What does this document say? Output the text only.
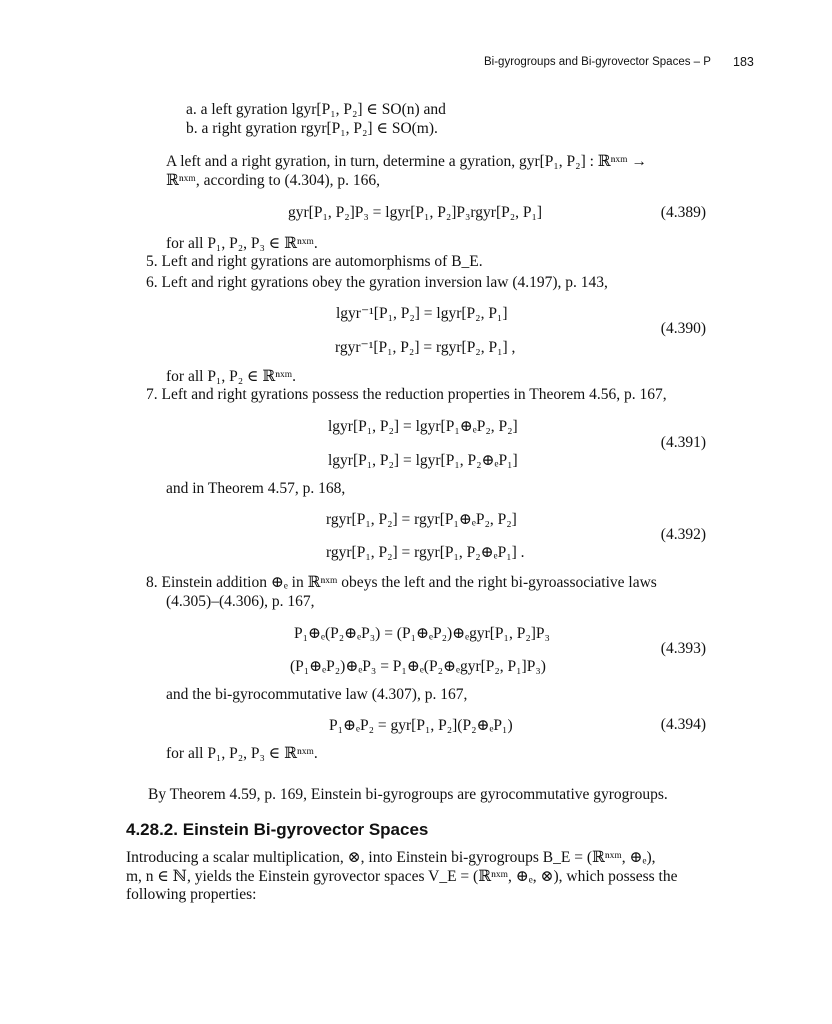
Bi-gyrogroups and Bi-gyrovector Spaces – P 183
a. a left gyration lgyr[P₁, P₂] ∈ SO(n) and
b. a right gyration rgyr[P₁, P₂] ∈ SO(m).
A left and a right gyration, in turn, determine a gyration, gyr[P₁, P₂] : ℝⁿˣᵐ →
ℝⁿˣᵐ, according to (4.304), p. 166,
gyr[P₁, P₂]P₃ = lgyr[P₁, P₂]P₃rgyr[P₂, P₁]	(4.389)
for all P₁, P₂, P₃ ∈ ℝⁿˣᵐ.
5. Left and right gyrations are automorphisms of B_E.
6. Left and right gyrations obey the gyration inversion law (4.197), p. 143,
lgyr⁻¹[P₁, P₂] = lgyr[P₂, P₁]
rgyr⁻¹[P₁, P₂] = rgyr[P₂, P₁] ,
(4.390)
for all P₁, P₂ ∈ ℝⁿˣᵐ.
7. Left and right gyrations possess the reduction properties in Theorem 4.56, p. 167,
lgyr[P₁, P₂] = lgyr[P₁⊕ₑP₂, P₂]
lgyr[P₁, P₂] = lgyr[P₁, P₂⊕ₑP₁]
(4.391)
and in Theorem 4.57, p. 168,
rgyr[P₁, P₂] = rgyr[P₁⊕ₑP₂, P₂]
rgyr[P₁, P₂] = rgyr[P₁, P₂⊕ₑP₁] .
(4.392)
8. Einstein addition ⊕ₑ in ℝⁿˣᵐ obeys the left and the right bi-gyroassociative laws
(4.305)–(4.306), p. 167,
P₁⊕ₑ(P₂⊕ₑP₃) = (P₁⊕ₑP₂)⊕ₑgyr[P₁, P₂]P₃
(P₁⊕ₑP₂)⊕ₑP₃ = P₁⊕ₑ(P₂⊕ₑgyr[P₂, P₁]P₃)
(4.393)
and the bi-gyrocommutative law (4.307), p. 167,
P₁⊕ₑP₂ = gyr[P₁, P₂](P₂⊕ₑP₁)	(4.394)
for all P₁, P₂, P₃ ∈ ℝⁿˣᵐ.
By Theorem 4.59, p. 169, Einstein bi-gyrogroups are gyrocommutative gyrogroups.
4.28.2. Einstein Bi-gyrovector Spaces
Introducing a scalar multiplication, ⊗, into Einstein bi-gyrogroups B_E = (ℝⁿˣᵐ, ⊕ₑ),
m, n ∈ ℕ, yields the Einstein gyrovector spaces V_E = (ℝⁿˣᵐ, ⊕ₑ, ⊗), which possess the
following properties:
